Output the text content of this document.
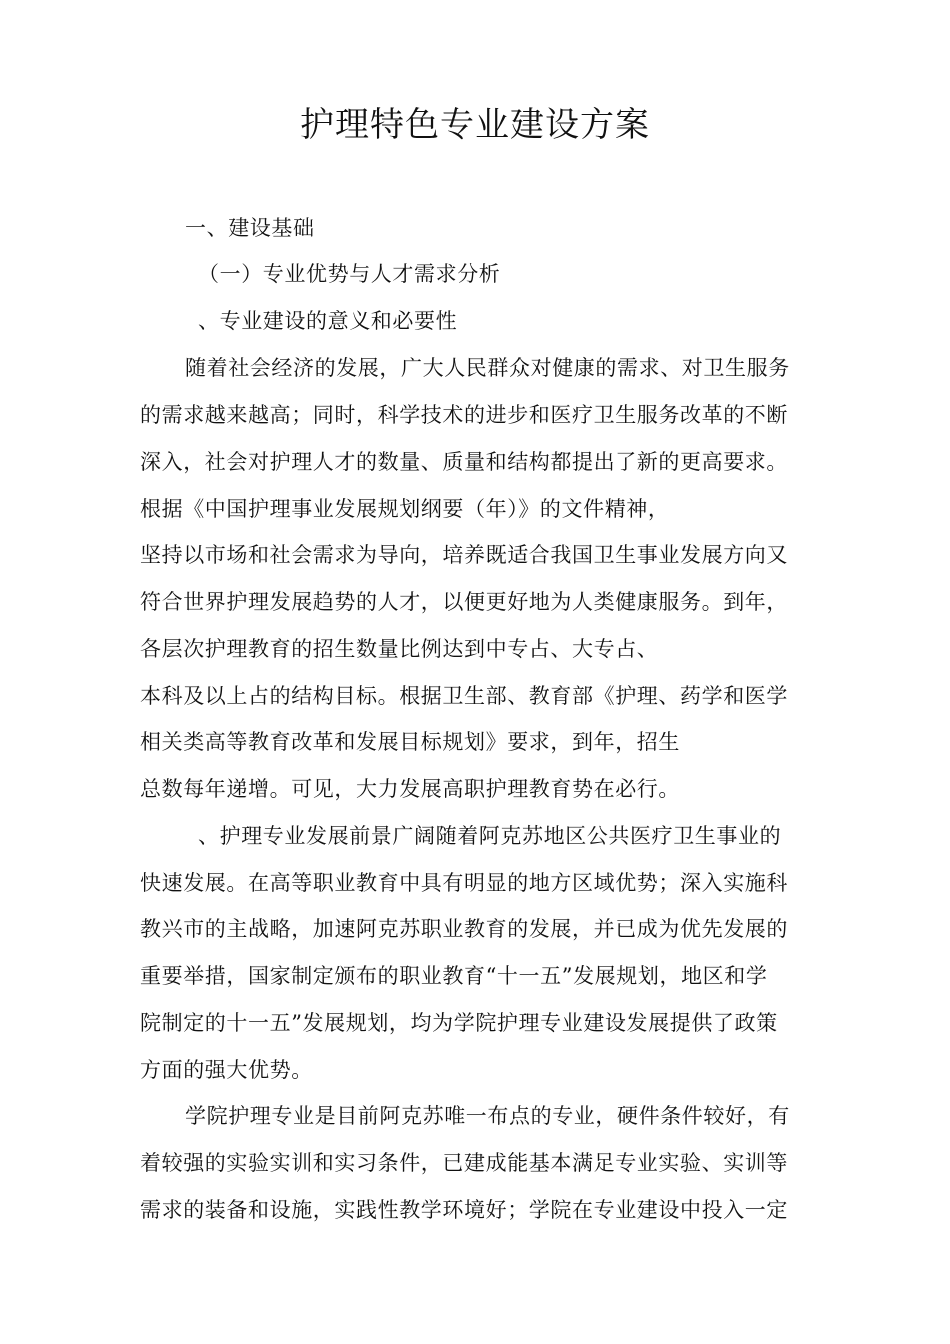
护理特色专业建设方案
一、建设基础
（一）专业优势与人才需求分析
、专业建设的意义和必要性
随着社会经济的发展，广大人民群众对健康的需求、对卫生服务
的需求越来越高；同时，科学技术的进步和医疗卫生服务改革的不断
深入，社会对护理人才的数量、质量和结构都提出了新的更高要求。
根据《中国护理事业发展规划纲要（年）》的文件精神，
坚持以市场和社会需求为导向，培养既适合我国卫生事业发展方向又
符合世界护理发展趋势的人才，以便更好地为人类健康服务。到年，
各层次护理教育的招生数量比例达到中专占、大专占、
本科及以上占的结构目标。根据卫生部、教育部《护理、药学和医学
相关类高等教育改革和发展目标规划》要求，到年，招生
总数每年递增。可见，大力发展高职护理教育势在必行。
、护理专业发展前景广阔随着阿克苏地区公共医疗卫生事业的
快速发展。在高等职业教育中具有明显的地方区域优势；深入实施科
教兴市的主战略，加速阿克苏职业教育的发展，并已成为优先发展的
重要举措，国家制定颁布的职业教育“十一五”发展规划，地区和学
院制定的十一五”发展规划，均为学院护理专业建设发展提供了政策
方面的强大优势。
学院护理专业是目前阿克苏唯一布点的专业，硬件条件较好，有
着较强的实验实训和实习条件，已建成能基本满足专业实验、实训等
需求的装备和设施，实践性教学环境好；学院在专业建设中投入一定
